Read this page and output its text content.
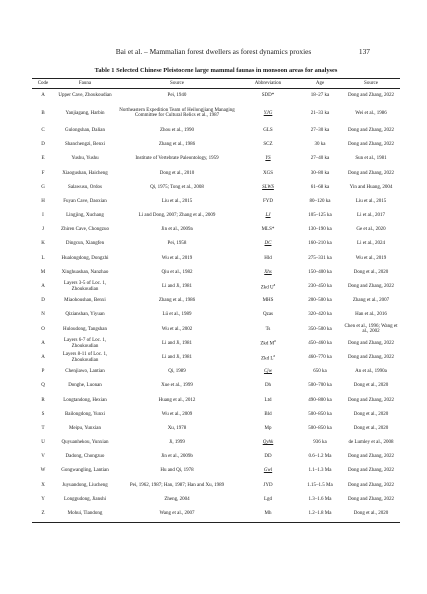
Bai et al. – Mammalian forest dwellers as forest dynamics proxies	137
Table 1 Selected Chinese Pleistocene large mammal faunas in monsoon areas for analyses
Code	Fauna	Source	Abbreviation	Age	Source
A	Upper Cave, Zhoukoudian	Pei, 1940	SDD*	18–27 ka	Dong and Zhang, 2022
B	Yanjiagang, Harbin	Northeastern Expedition Team of Heilongjiang Managing Committee for Cultural Relics et al., 1987	YJG	21–33 ka	Wei et al., 1986
C	Gulongshan, Dalian	Zhou et al., 1990	GLS	27–30 ka	Dong and Zhang, 2022
D	Shanchengzi, Benxi	Zhang et al., 1986	SCZ	30 ka	Dong and Zhang, 2022
E	Yushu, Yushu	Institute of Vertebrate Paleontology, 1959	YS	27–40 ka	Sun et al., 1981
F	Xiaogushan, Haicheng	Dong et al., 2010	XGS	30–80 ka	Dong and Zhang, 2022
G	Salawusu, Ordos	Qi, 1975; Tong et al., 2008	SLWS	61–68 ka	Yin and Huang, 2004
H	Fuyan Cave, Daoxian	Liu et al., 2015	FYD	80–120 ka	Liu et al., 2015
I	Lingjing, Xuchang	Li and Dong, 2007; Zhang et al., 2009	LJ	105–125 ka	Li et al., 2017
J	Zhiren Cave, Chongzuo	Jin et al., 2009a	MLS*	130–190 ka	Ge et al., 2020
K	Dingcun, Xiangfen	Pei, 1958	DC	160–210 ka	Li et al., 2024
L	Hualongdong, Dongzhi	Wu et al., 2019	Hld	275–331 ka	Wu et al., 2019
M	Xinghuashan, Nanzhao	Qiu et al., 1982	Xhs	150–400 ka	Dong et al., 2020
A	Layers 3-5 of Loc. 1, Zhoukoudian	Li and Ji, 1981	Zkd $U^a$	230–450 ka	Dong and Zhang, 2022
D	Miaohoushan, Benxi	Zhang et al., 1986	MHS	200–500 ka	Zhang et al., 2007
N	Qizianshan, Yiyuan	Lü et al., 1989	Qzas	320–420 ka	Han et al., 2016
O	Huloudong, Tangshan	Wu et al., 2002	Ts	350–500 ka	Chen et al., 1996; Wang et al., 2002
A	Layers 6-7 of Loc. 1, Zhoukoudian	Li and Ji, 1981	Zkd $M^a$	450–460 ka	Dong and Zhang, 2022
A	Layers 8-11 of Loc. 1, Zhoukoudian	Li and Ji, 1981	Zkd $L^a$	460–770 ka	Dong and Zhang, 2022
P	Chenjiawo, Lantian	Qi, 1989	Cjw	650 ka	An et al., 1990a
Q	Donghe, Luonan	Xue et al., 1999	Dh	500–700 ka	Dong et al., 2020
R	Longtandong, Hexian	Huang et al., 2012	Ltd	490–800 ka	Dong and Zhang, 2022
S	Bailongdong, Yunxi	Wu et al., 2009	Bld	500–850 ka	Dong et al., 2020
T	Meipu, Yunxian	Xu, 1978	Mp	500–850 ka	Dong et al., 2020
U	Quyuanhekou, Yunxian	Ji, 1999	Qyhk	936 ka	de Lumley et al., 2008
V	Dadong, Chongzuo	Jin et al., 2009b	DD	0.6–1.2 Ma	Dong and Zhang, 2022
W	Gongwangling, Lantian	Hu and Qi, 1978	Gwl	1.1–1.3 Ma	Dong and Zhang, 2022
X	Juyuandong, Liucheng	Pei, 1962, 1987; Han, 1987; Han and Xu, 1989	JYD	1.15–1.5 Ma	Dong and Zhang, 2022
Y	Longgudong, Jianshi	Zheng, 2004	Lgd	1.3–1.6 Ma	Dong and Zhang, 2022
Z	Mohui, Tiandong	Wang et al., 2007	Mh	1.2–1.8 Ma	Dong et al., 2020
